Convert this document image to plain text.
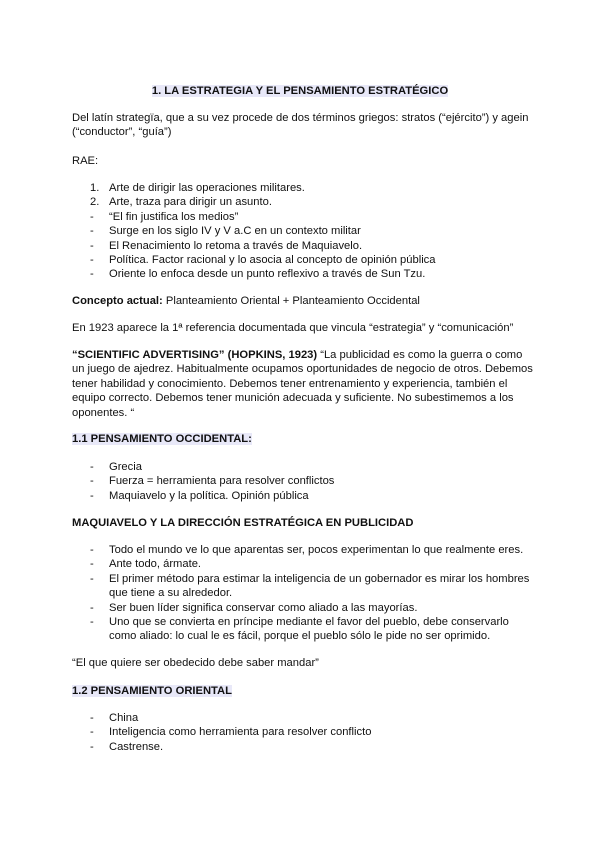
1. LA ESTRATEGIA Y EL PENSAMIENTO ESTRATÉGICO

Del latín strategïa, que a su vez procede de dos términos griegos: stratos (“ejército”) y agein (“conductor”, “guía”)

RAE:

1. Arte de dirigir las operaciones militares.
2. Arte, traza para dirigir un asunto.
- “El fin justifica los medios”
- Surge en los siglo IV y V a.C en un contexto militar
- El Renacimiento lo retoma a través de Maquiavelo.
- Política. Factor racional y lo asocia al concepto de opinión pública
- Oriente lo enfoca desde un punto reflexivo a través de Sun Tzu.

Concepto actual: Planteamiento Oriental + Planteamiento Occidental

En 1923 aparece la 1ª referencia documentada que vincula “estrategia” y “comunicación”

“SCIENTIFIC ADVERTISING” (HOPKINS, 1923) “La publicidad es como la guerra o como un juego de ajedrez. Habitualmente ocupamos oportunidades de negocio de otros. Debemos tener habilidad y conocimiento. Debemos tener entrenamiento y experiencia, también el equipo correcto. Debemos tener munición adecuada y suficiente. No subestimemos a los oponentes. “

1.1 PENSAMIENTO OCCIDENTAL:

- Grecia
- Fuerza = herramienta para resolver conflictos
- Maquiavelo y la política. Opinión pública

MAQUIAVELO Y LA DIRECCIÓN ESTRATÉGICA EN PUBLICIDAD

- Todo el mundo ve lo que aparentas ser, pocos experimentan lo que realmente eres.
- Ante todo, ármate.
- El primer método para estimar la inteligencia de un gobernador es mirar los hombres que tiene a su alrededor.
- Ser buen líder significa conservar como aliado a las mayorías.
- Uno que se convierta en príncipe mediante el favor del pueblo, debe conservarlo como aliado: lo cual le es fácil, porque el pueblo sólo le pide no ser oprimido.

“El que quiere ser obedecido debe saber mandar”

1.2 PENSAMIENTO ORIENTAL

- China
- Inteligencia como herramienta para resolver conflicto
- Castrense.
